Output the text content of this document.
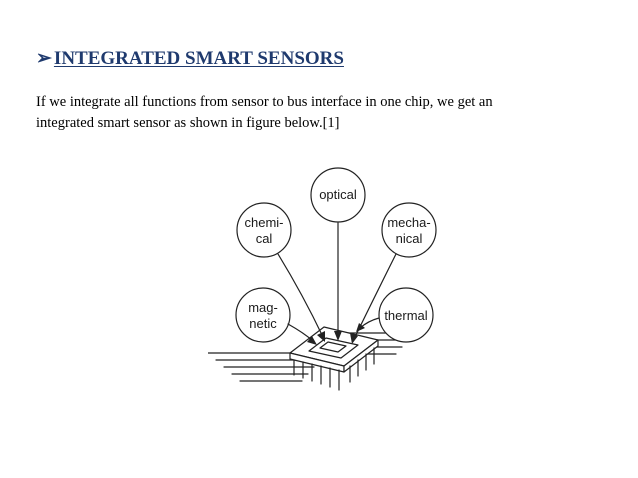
➢ INTEGRATED SMART SENSORS
If we integrate all functions from sensor to bus interface in one chip, we get an
integrated smart sensor as shown in figure below.[1]
optical
chemi-
cal
mecha-
nical
mag-
netic
thermal
